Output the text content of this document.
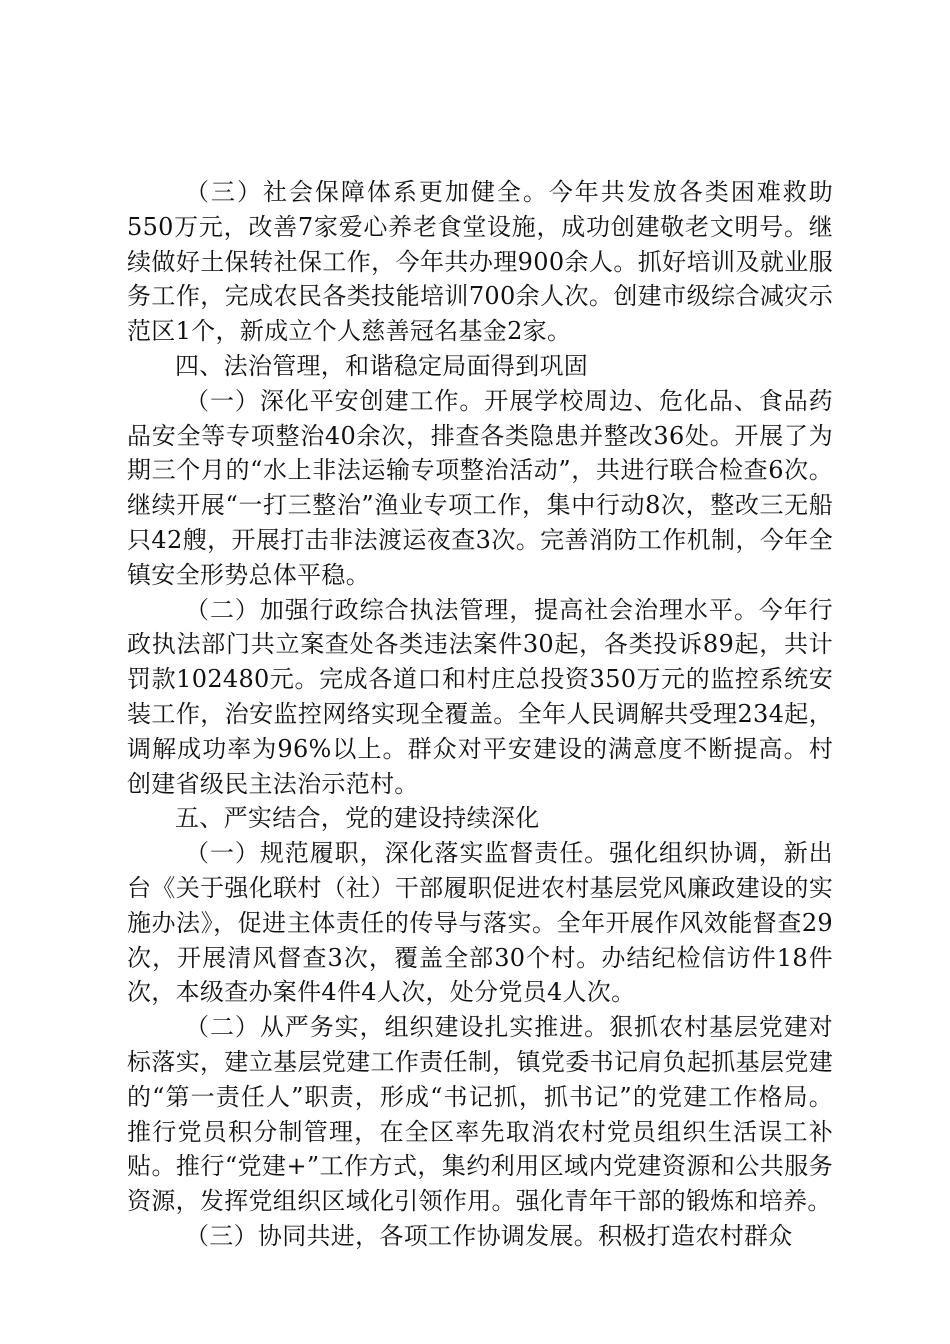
（三）社会保障体系更加健全。今年共发放各类困难救助550万元，改善7家爱心养老食堂设施，成功创建敬老文明号。继续做好土保转社保工作，今年共办理900余人。抓好培训及就业服务工作，完成农民各类技能培训700余人次。创建市级综合减灾示范区1个，新成立个人慈善冠名基金2家。

四、法治管理，和谐稳定局面得到巩固

（一）深化平安创建工作。开展学校周边、危化品、食品药品安全等专项整治40余次，排查各类隐患并整改36处。开展了为期三个月的“水上非法运输专项整治活动”，共进行联合检查6次。继续开展“一打三整治”渔业专项工作，集中行动8次，整改三无船只42艘，开展打击非法渡运夜查3次。完善消防工作机制，今年全镇安全形势总体平稳。

（二）加强行政综合执法管理，提高社会治理水平。今年行政执法部门共立案查处各类违法案件30起，各类投诉89起，共计罚款102480元。完成各道口和村庄总投资350万元的监控系统安装工作，治安监控网络实现全覆盖。全年人民调解共受理234起，调解成功率为96%以上。群众对平安建设的满意度不断提高。村创建省级民主法治示范村。

五、严实结合，党的建设持续深化

（一）规范履职，深化落实监督责任。强化组织协调，新出台《关于强化联村（社）干部履职促进农村基层党风廉政建设的实施办法》，促进主体责任的传导与落实。全年开展作风效能督查29次，开展清风督查3次，覆盖全部30个村。办结纪检信访件18件次，本级查办案件4件4人次，处分党员4人次。

（二）从严务实，组织建设扎实推进。狠抓农村基层党建对标落实，建立基层党建工作责任制，镇党委书记肩负起抓基层党建的“第一责任人”职责，形成“书记抓，抓书记”的党建工作格局。推行党员积分制管理，在全区率先取消农村党员组织生活误工补贴。推行“党建+”工作方式，集约利用区域内党建资源和公共服务资源，发挥党组织区域化引领作用。强化青年干部的锻炼和培养。

（三）协同共进，各项工作协调发展。积极打造农村群众
